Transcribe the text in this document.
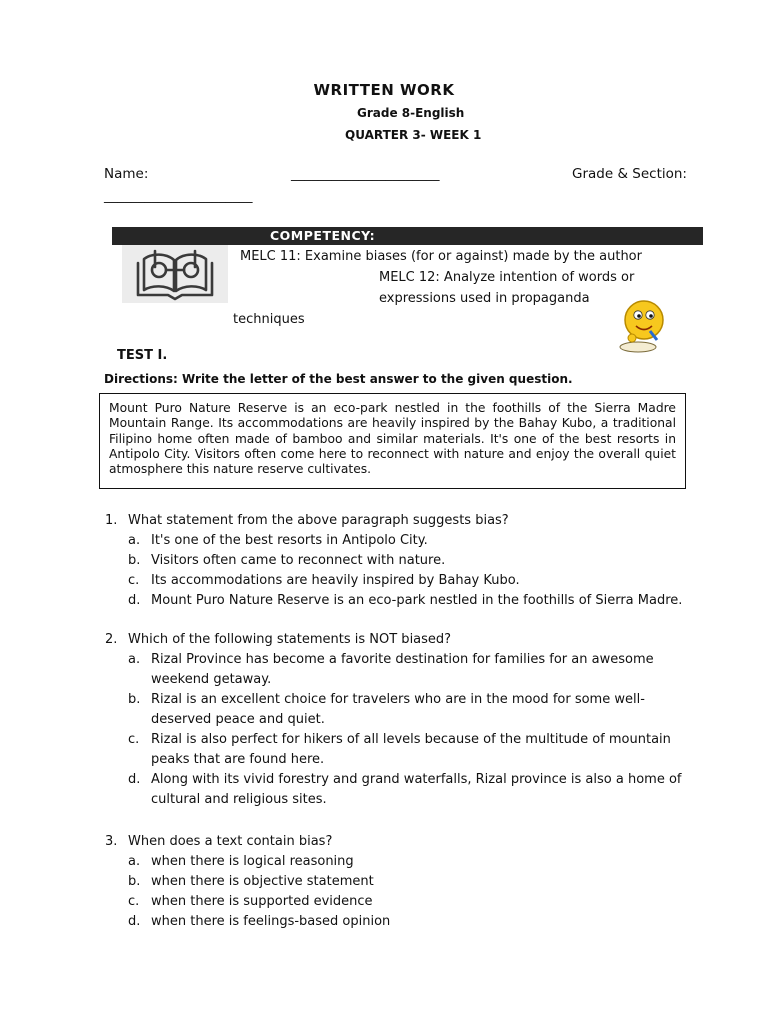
WRITTEN WORK
Grade 8-English
QUARTER 3- WEEK 1
Name:	______________________	Grade & Section:
______________________
COMPETENCY:
MELC 11: Examine biases (for or against) made by the author
MELC 12: Analyze intention of words or
expressions used in propaganda
techniques
TEST I.
Directions: Write the letter of the best answer to the given question.
Mount Puro Nature Reserve is an eco-park nestled in the foothills of the Sierra Madre Mountain Range. Its accommodations are heavily inspired by the Bahay Kubo, a traditional Filipino home often made of bamboo and similar materials. It's one of the best resorts in Antipolo City. Visitors often come here to reconnect with nature and enjoy the overall quiet atmosphere this nature reserve cultivates.
1. What statement from the above paragraph suggests bias?
a. It's one of the best resorts in Antipolo City.
b. Visitors often came to reconnect with nature.
c. Its accommodations are heavily inspired by Bahay Kubo.
d. Mount Puro Nature Reserve is an eco-park nestled in the foothills of Sierra Madre.
2. Which of the following statements is NOT biased?
a. Rizal Province has become a favorite destination for families for an awesome
weekend getaway.
b. Rizal is an excellent choice for travelers who are in the mood for some well-
deserved peace and quiet.
c. Rizal is also perfect for hikers of all levels because of the multitude of mountain
peaks that are found here.
d. Along with its vivid forestry and grand waterfalls, Rizal province is also a home of
cultural and religious sites.
3. When does a text contain bias?
a. when there is logical reasoning
b. when there is objective statement
c. when there is supported evidence
d. when there is feelings-based opinion
